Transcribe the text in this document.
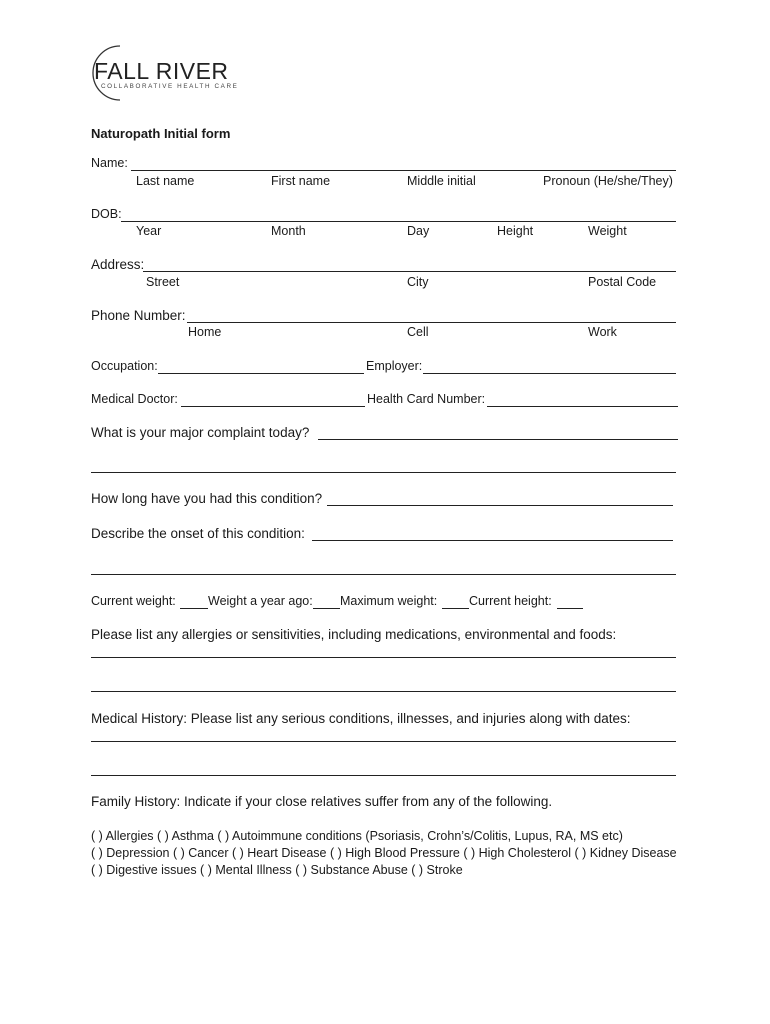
FALL RIVER
COLLABORATIVE HEALTH CARE
Naturopath Initial form
Name:
Last name	First name	Middle initial	Pronoun (He/she/They)
DOB:
Year	Month	Day	Height	Weight
Address:
Street	City	Postal Code
Phone Number:
Home	Cell	Work
Occupation:	Employer:
Medical Doctor:	Health Card Number:
What is your major complaint today?
How long have you had this condition?
Describe the onset of this condition:
Current weight:	Weight a year ago: Maximum weight:	Current height:
Please list any allergies or sensitivities, including medications, environmental and foods:
Medical History: Please list any serious conditions, illnesses, and injuries along with dates:
Family History: Indicate if your close relatives suffer from any of the following.
( ) Allergies ( ) Asthma ( ) Autoimmune conditions (Psoriasis, Crohn’s/Colitis, Lupus, RA, MS etc)
( ) Depression ( ) Cancer ( ) Heart Disease ( ) High Blood Pressure ( ) High Cholesterol ( ) Kidney Disease
( ) Digestive issues ( ) Mental Illness ( ) Substance Abuse ( ) Stroke
